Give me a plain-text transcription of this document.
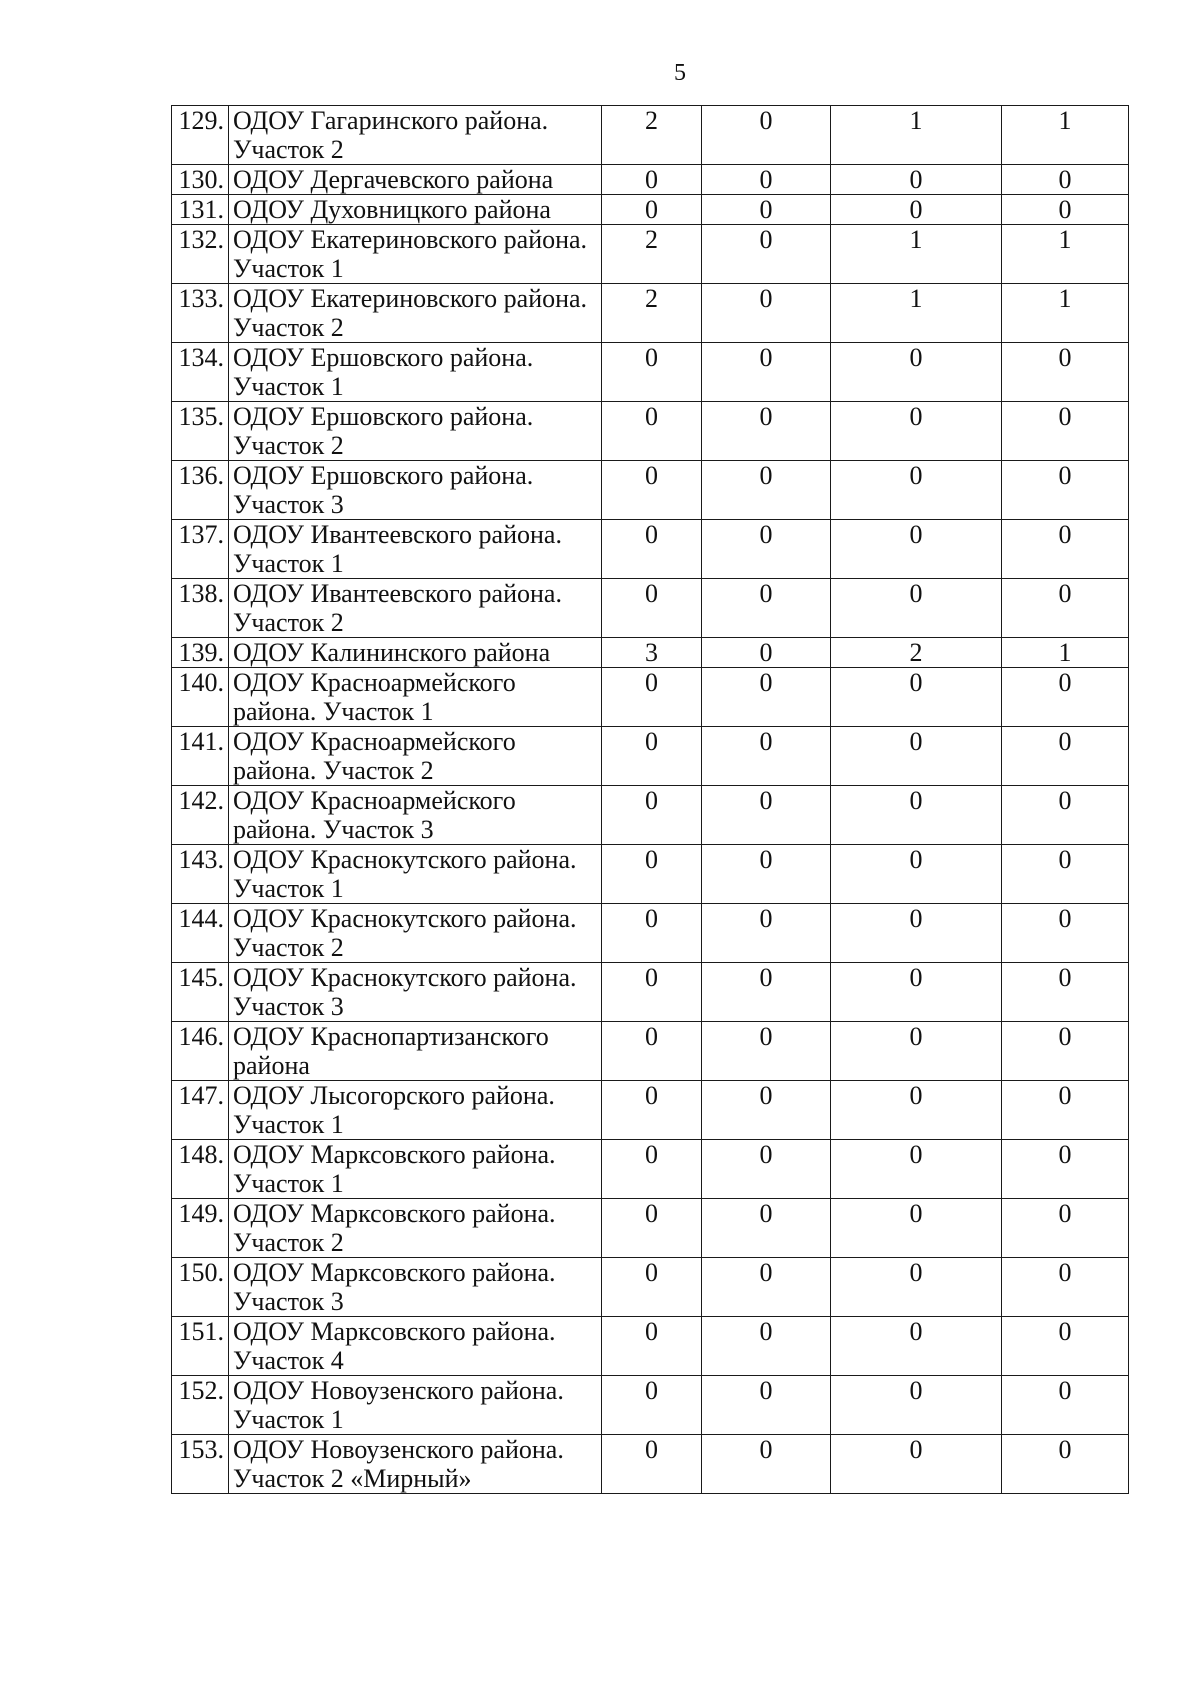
5
129.	ОДОУ Гагаринского района. Участок 2	2	0	1	1
130.	ОДОУ Дергачевского района	0	0	0	0
131.	ОДОУ Духовницкого района	0	0	0	0
132.	ОДОУ Екатериновского района. Участок 1	2	0	1	1
133.	ОДОУ Екатериновского района. Участок 2	2	0	1	1
134.	ОДОУ Ершовского района. Участок 1	0	0	0	0
135.	ОДОУ Ершовского района. Участок 2	0	0	0	0
136.	ОДОУ Ершовского района. Участок 3	0	0	0	0
137.	ОДОУ Ивантеевского района. Участок 1	0	0	0	0
138.	ОДОУ Ивантеевского района. Участок 2	0	0	0	0
139.	ОДОУ Калининского района	3	0	2	1
140.	ОДОУ Красноармейского района. Участок 1	0	0	0	0
141.	ОДОУ Красноармейского района. Участок 2	0	0	0	0
142.	ОДОУ Красноармейского района. Участок 3	0	0	0	0
143.	ОДОУ Краснокутского района. Участок 1	0	0	0	0
144.	ОДОУ Краснокутского района. Участок 2	0	0	0	0
145.	ОДОУ Краснокутского района. Участок 3	0	0	0	0
146.	ОДОУ Краснопартизанского района	0	0	0	0
147.	ОДОУ Лысогорского района. Участок 1	0	0	0	0
148.	ОДОУ Марксовского района. Участок 1	0	0	0	0
149.	ОДОУ Марксовского района. Участок 2	0	0	0	0
150.	ОДОУ Марксовского района. Участок 3	0	0	0	0
151.	ОДОУ Марксовского района. Участок 4	0	0	0	0
152.	ОДОУ Новоузенского района. Участок 1	0	0	0	0
153.	ОДОУ Новоузенского района. Участок 2 «Мирный»	0	0	0	0
